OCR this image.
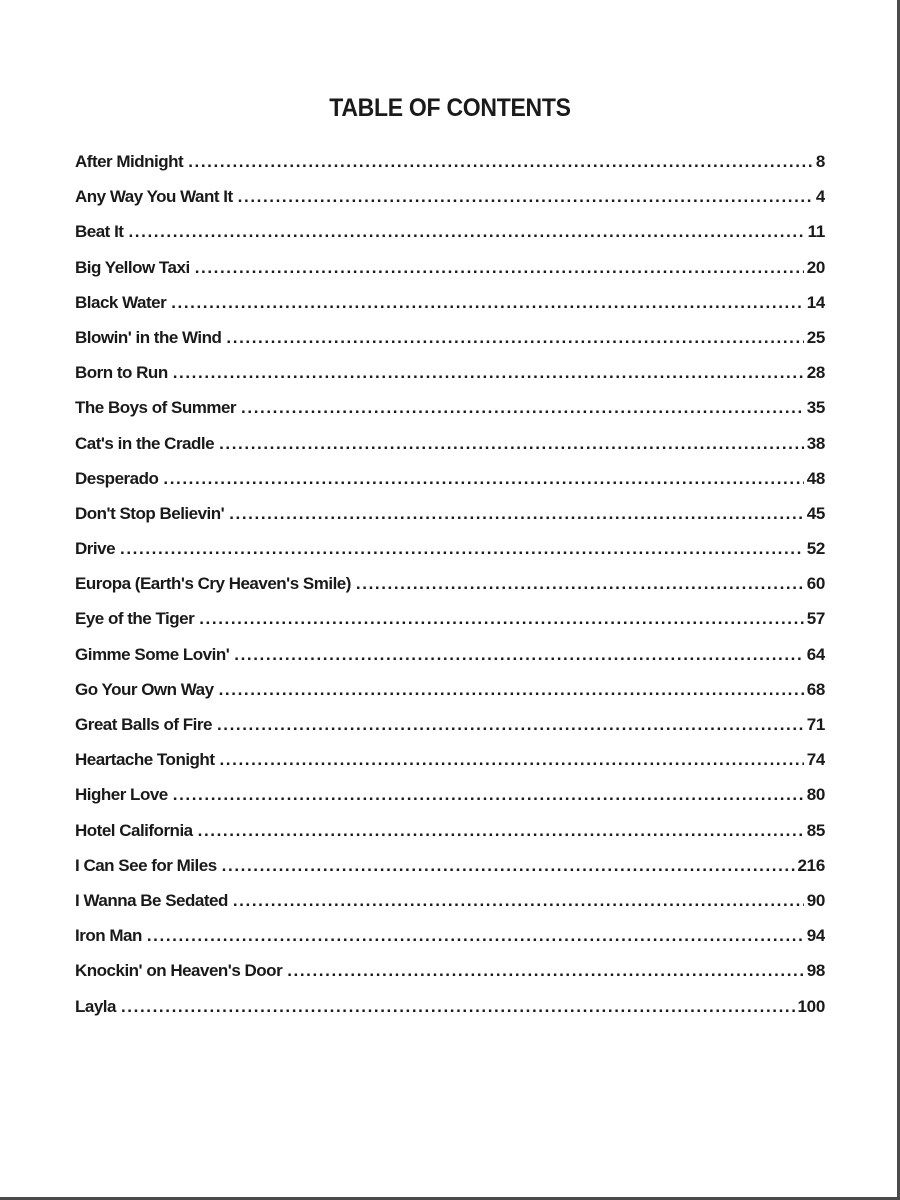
TABLE OF CONTENTS
After Midnight .....	8
Any Way You Want It .....	4
Beat It .....	11
Big Yellow Taxi .....	20
Black Water .....	14
Blowin' in the Wind .....	25
Born to Run .....	28
The Boys of Summer .....	35
Cat's in the Cradle .....	38
Desperado .....	48
Don't Stop Believin' .....	45
Drive .....	52
Europa (Earth's Cry Heaven's Smile) .....	60
Eye of the Tiger .....	57
Gimme Some Lovin' .....	64
Go Your Own Way .....	68
Great Balls of Fire .....	71
Heartache Tonight .....	74
Higher Love .....	80
Hotel California .....	85
I Can See for Miles .....	216
I Wanna Be Sedated .....	90
Iron Man .....	94
Knockin' on Heaven's Door .....	98
Layla .....	100
